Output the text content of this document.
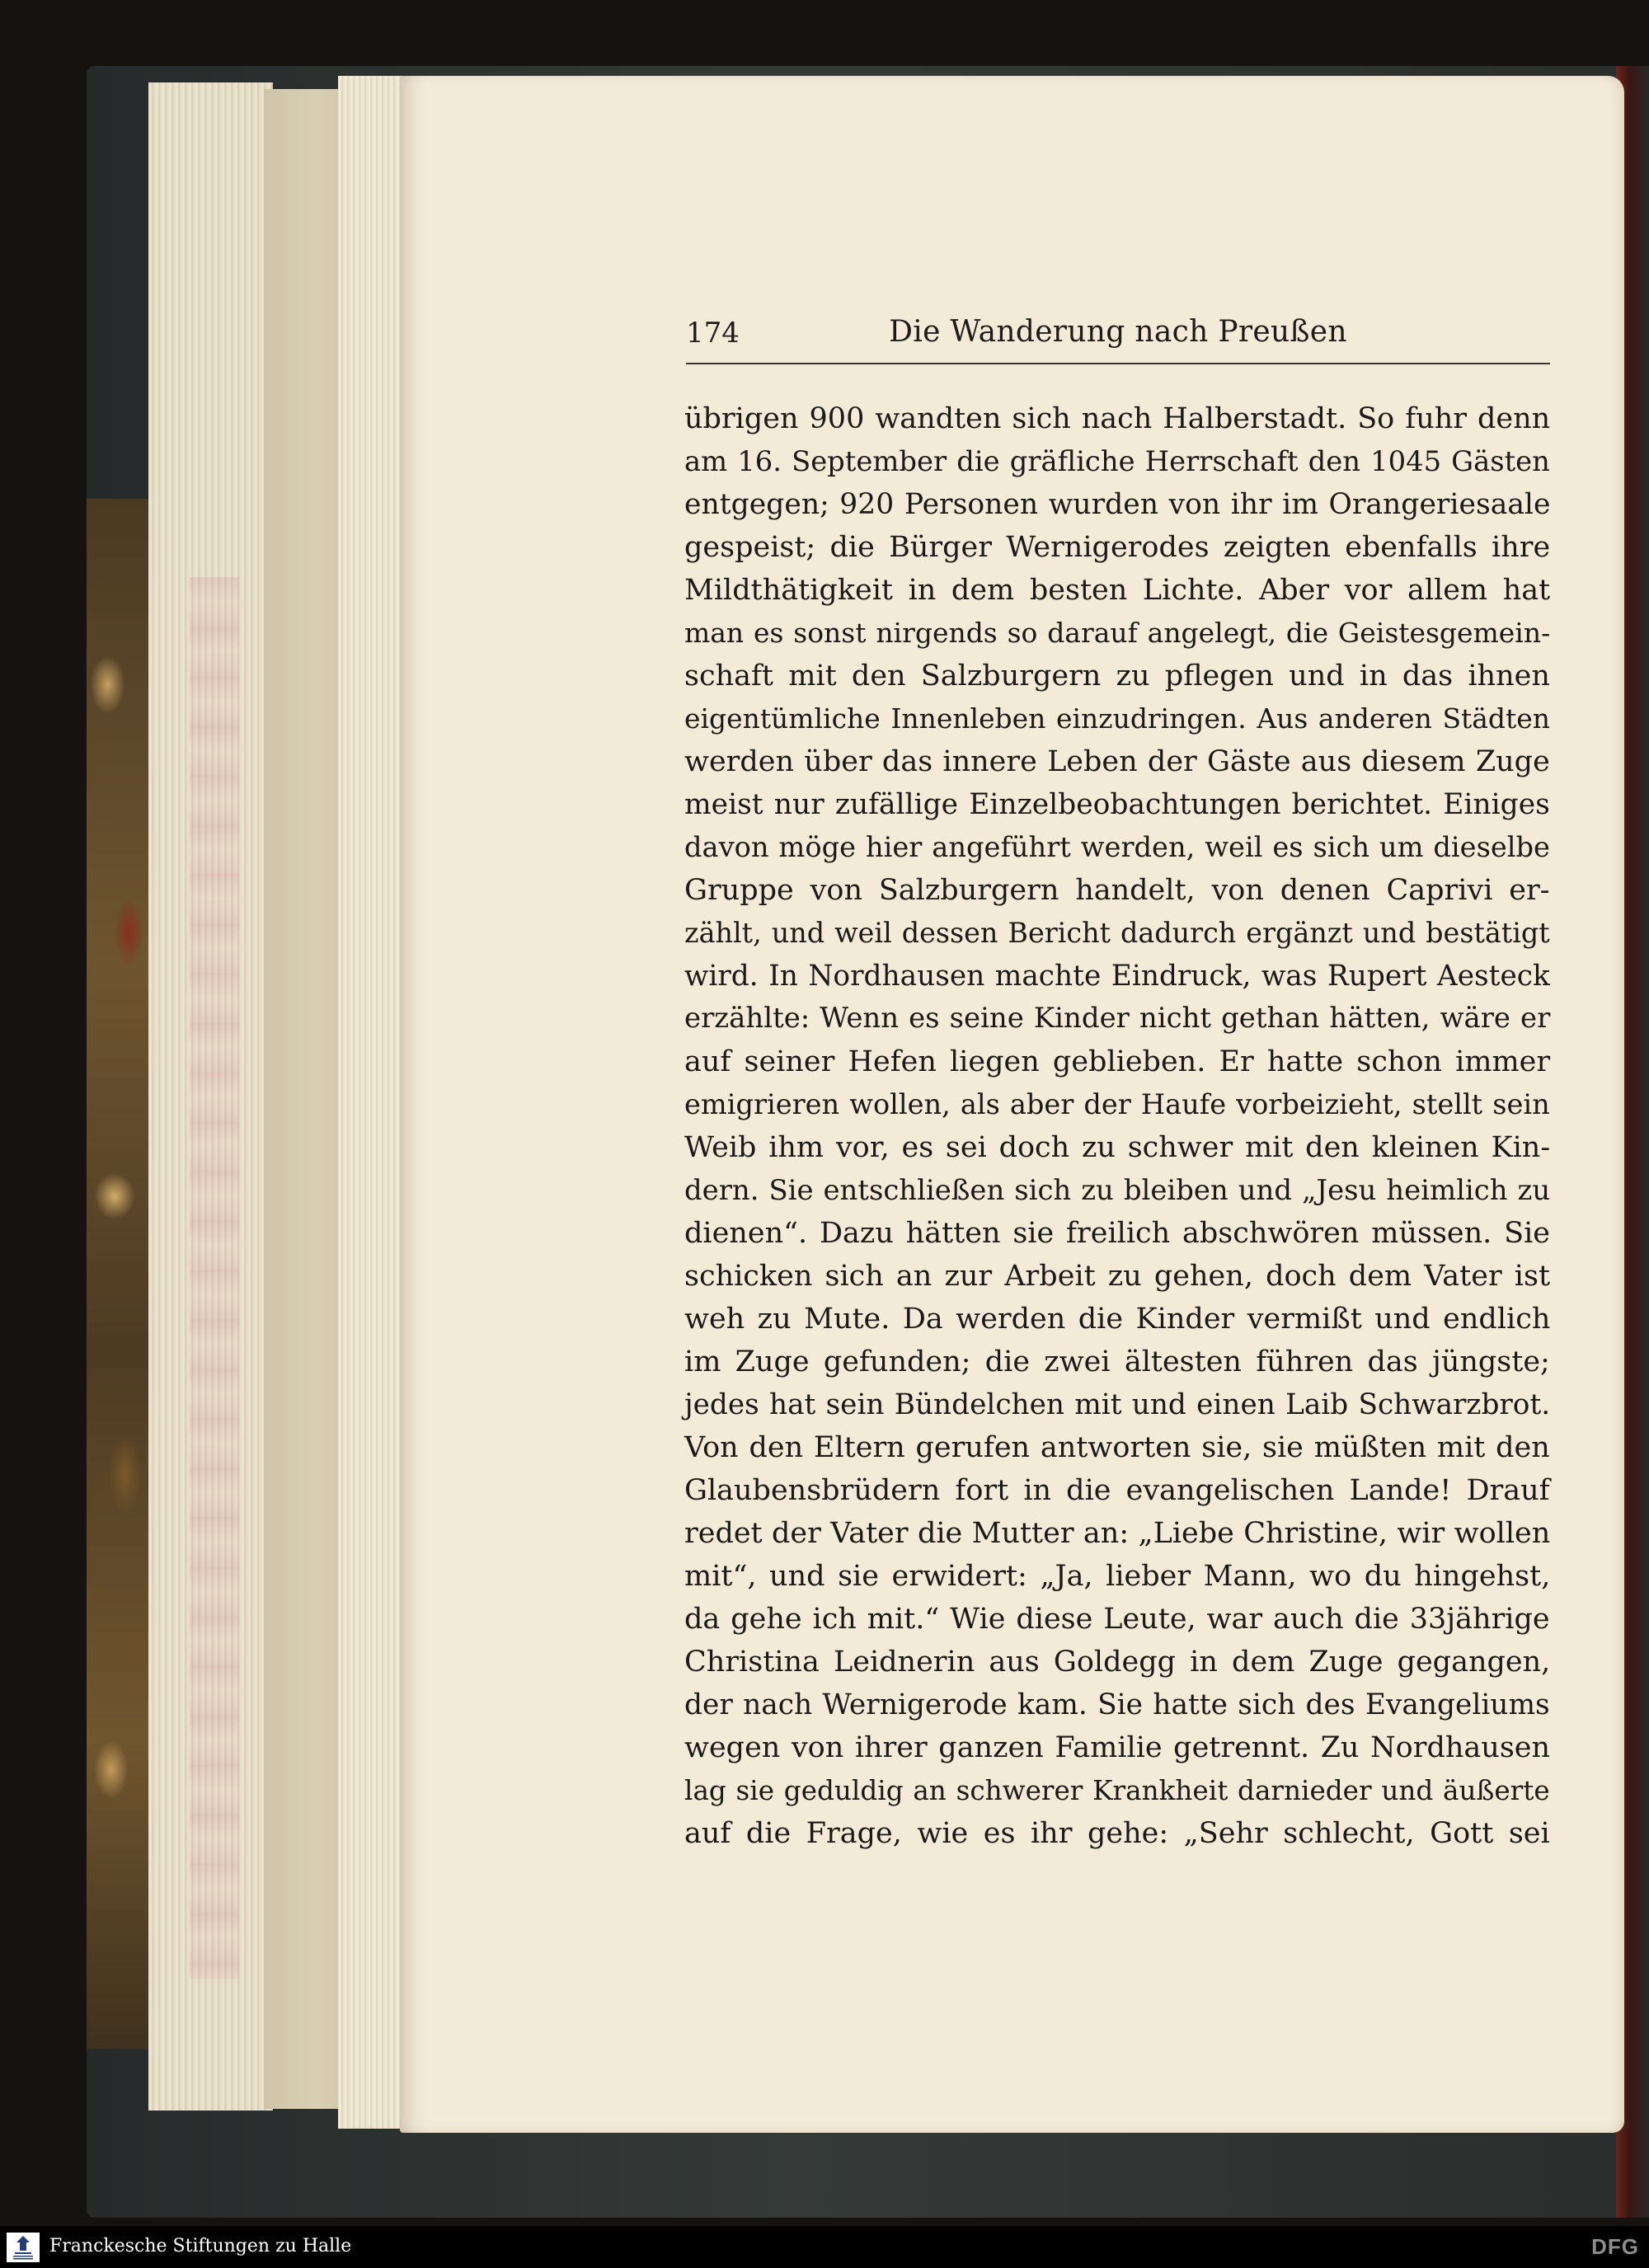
174	Die Wanderung nach Preußen
übrigen 900 wandten sich nach Halberstadt. So fuhr denn
am 16. September die gräfliche Herrschaft den 1045 Gästen
entgegen; 920 Personen wurden von ihr im Orangeriesaale
gespeist; die Bürger Wernigerodes zeigten ebenfalls ihre
Mildthätigkeit in dem besten Lichte. Aber vor allem hat
man es sonst nirgends so darauf angelegt, die Geistesgemein-
schaft mit den Salzburgern zu pflegen und in das ihnen
eigentümliche Innenleben einzudringen. Aus anderen Städten
werden über das innere Leben der Gäste aus diesem Zuge
meist nur zufällige Einzelbeobachtungen berichtet. Einiges
davon möge hier angeführt werden, weil es sich um dieselbe
Gruppe von Salzburgern handelt, von denen Caprivi er-
zählt, und weil dessen Bericht dadurch ergänzt und bestätigt
wird. In Nordhausen machte Eindruck, was Rupert Aesteck
erzählte: Wenn es seine Kinder nicht gethan hätten, wäre er
auf seiner Hefen liegen geblieben. Er hatte schon immer
emigrieren wollen, als aber der Haufe vorbeizieht, stellt sein
Weib ihm vor, es sei doch zu schwer mit den kleinen Kin-
dern. Sie entschließen sich zu bleiben und „Jesu heimlich zu
dienen“. Dazu hätten sie freilich abschwören müssen. Sie
schicken sich an zur Arbeit zu gehen, doch dem Vater ist
weh zu Mute. Da werden die Kinder vermißt und endlich
im Zuge gefunden; die zwei ältesten führen das jüngste;
jedes hat sein Bündelchen mit und einen Laib Schwarzbrot.
Von den Eltern gerufen antworten sie, sie müßten mit den
Glaubensbrüdern fort in die evangelischen Lande! Drauf
redet der Vater die Mutter an: „Liebe Christine, wir wollen
mit“, und sie erwidert: „Ja, lieber Mann, wo du hingehst,
da gehe ich mit.“ Wie diese Leute, war auch die 33jährige
Christina Leidnerin aus Goldegg in dem Zuge gegangen,
der nach Wernigerode kam. Sie hatte sich des Evangeliums
wegen von ihrer ganzen Familie getrennt. Zu Nordhausen
lag sie geduldig an schwerer Krankheit darnieder und äußerte
auf die Frage, wie es ihr gehe: „Sehr schlecht, Gott sei
Franckesche Stiftungen zu Halle	DFG
